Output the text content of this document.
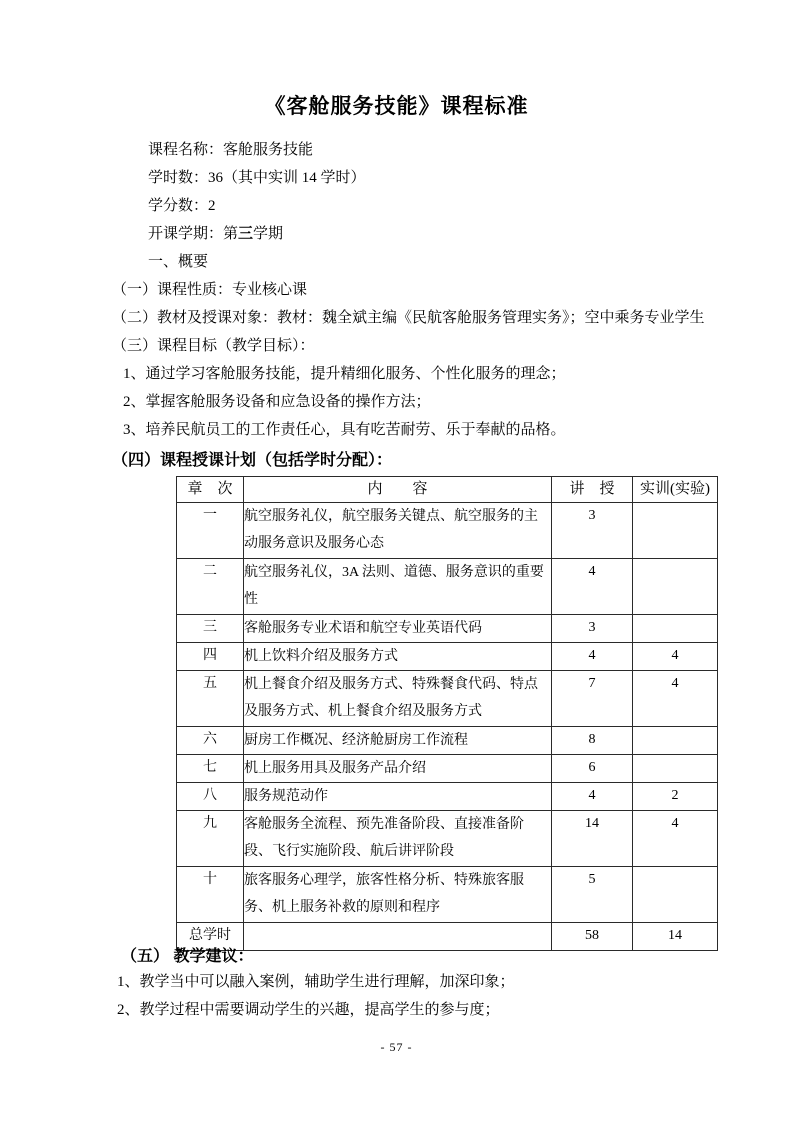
《客舱服务技能》课程标准
课程名称：客舱服务技能
学时数：36（其中实训 14 学时）
学分数：2
开课学期：第三学期
一、概要
（一）课程性质：专业核心课
（二）教材及授课对象：教材：魏全斌主编《民航客舱服务管理实务》；空中乘务专业学生
（三）课程目标（教学目标）：
1、通过学习客舱服务技能，提升精细化服务、个性化服务的理念；
2、掌握客舱服务设备和应急设备的操作方法；
3、培养民航员工的工作责任心，具有吃苦耐劳、乐于奉献的品格。
（四）课程授课计划（包括学时分配）：
章　次	内　　容	讲　授	实训(实验)
一	航空服务礼仪，航空服务关键点、航空服务的主动服务意识及服务心态	3	
二	航空服务礼仪，3A 法则、道德、服务意识的重要性	4	
三	客舱服务专业术语和航空专业英语代码	3	
四	机上饮料介绍及服务方式	4	4
五	机上餐食介绍及服务方式、特殊餐食代码、特点及服务方式、机上餐食介绍及服务方式	7	4
六	厨房工作概况、经济舱厨房工作流程	8	
七	机上服务用具及服务产品介绍	6	
八	服务规范动作	4	2
九	客舱服务全流程、预先准备阶段、直接准备阶段、飞行实施阶段、航后讲评阶段	14	4
十	旅客服务心理学，旅客性格分析、特殊旅客服务、机上服务补救的原则和程序	5	
总学时		58	14
（五） 教学建议：
1、教学当中可以融入案例，辅助学生进行理解，加深印象；
2、教学过程中需要调动学生的兴趣，提高学生的参与度；
- 57 -
